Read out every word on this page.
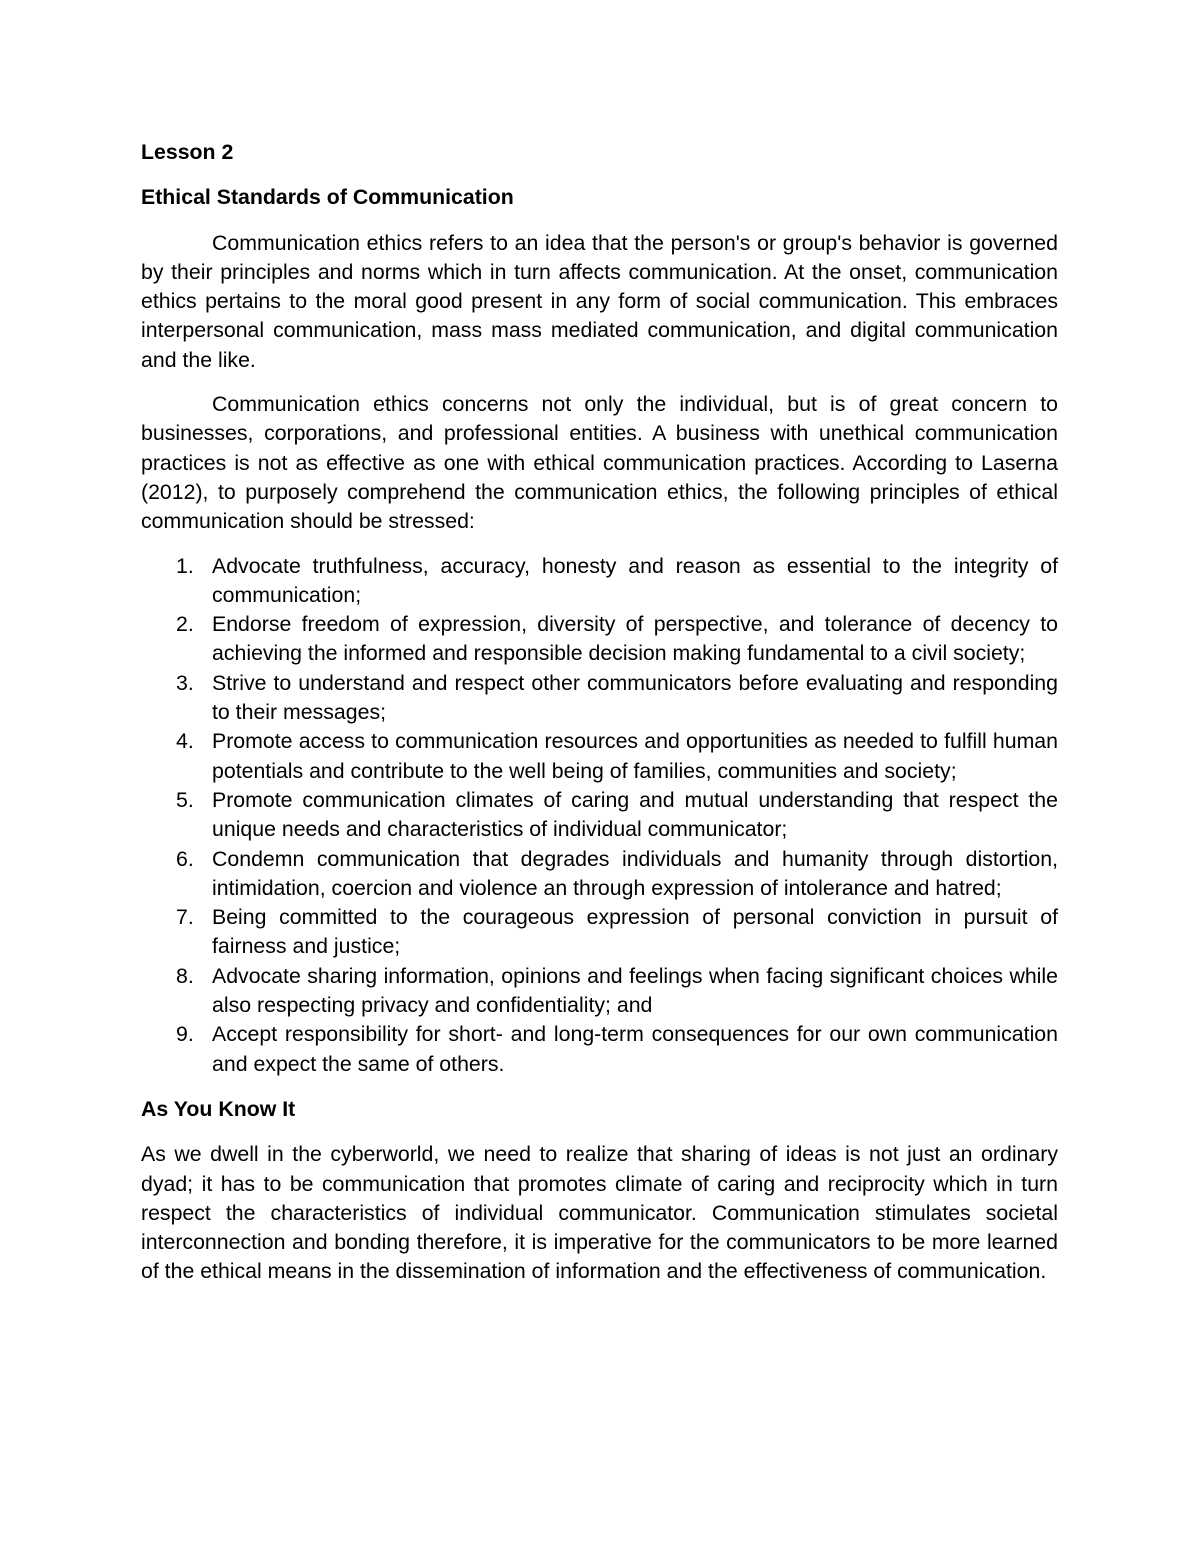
Lesson 2
Ethical Standards of Communication

Communication ethics refers to an idea that the person's or group's behavior is governed by their principles and norms which in turn affects communication. At the onset, communication ethics pertains to the moral good present in any form of social communication. This embraces interpersonal communication, mass mass mediated communication, and digital communication and the like.

Communication ethics concerns not only the individual, but is of great concern to businesses, corporations, and professional entities. A business with unethical communication practices is not as effective as one with ethical communication practices. According to Laserna (2012), to purposely comprehend the communication ethics, the following principles of ethical communication should be stressed:

1. Advocate truthfulness, accuracy, honesty and reason as essential to the integrity of communication;
2. Endorse freedom of expression, diversity of perspective, and tolerance of decency to achieving the informed and responsible decision making fundamental to a civil society;
3. Strive to understand and respect other communicators before evaluating and responding to their messages;
4. Promote access to communication resources and opportunities as needed to fulfill human potentials and contribute to the well being of families, communities and society;
5. Promote communication climates of caring and mutual understanding that respect the unique needs and characteristics of individual communicator;
6. Condemn communication that degrades individuals and humanity through distortion, intimidation, coercion and violence an through expression of intolerance and hatred;
7. Being committed to the courageous expression of personal conviction in pursuit of fairness and justice;
8. Advocate sharing information, opinions and feelings when facing significant choices while also respecting privacy and confidentiality; and
9. Accept responsibility for short- and long-term consequences for our own communication and expect the same of others.
As You Know It

As we dwell in the cyberworld, we need to realize that sharing of ideas is not just an ordinary dyad; it has to be communication that promotes climate of caring and reciprocity which in turn respect the characteristics of individual communicator. Communication stimulates societal interconnection and bonding therefore, it is imperative for the communicators to be more learned of the ethical means in the dissemination of information and the effectiveness of communication.
